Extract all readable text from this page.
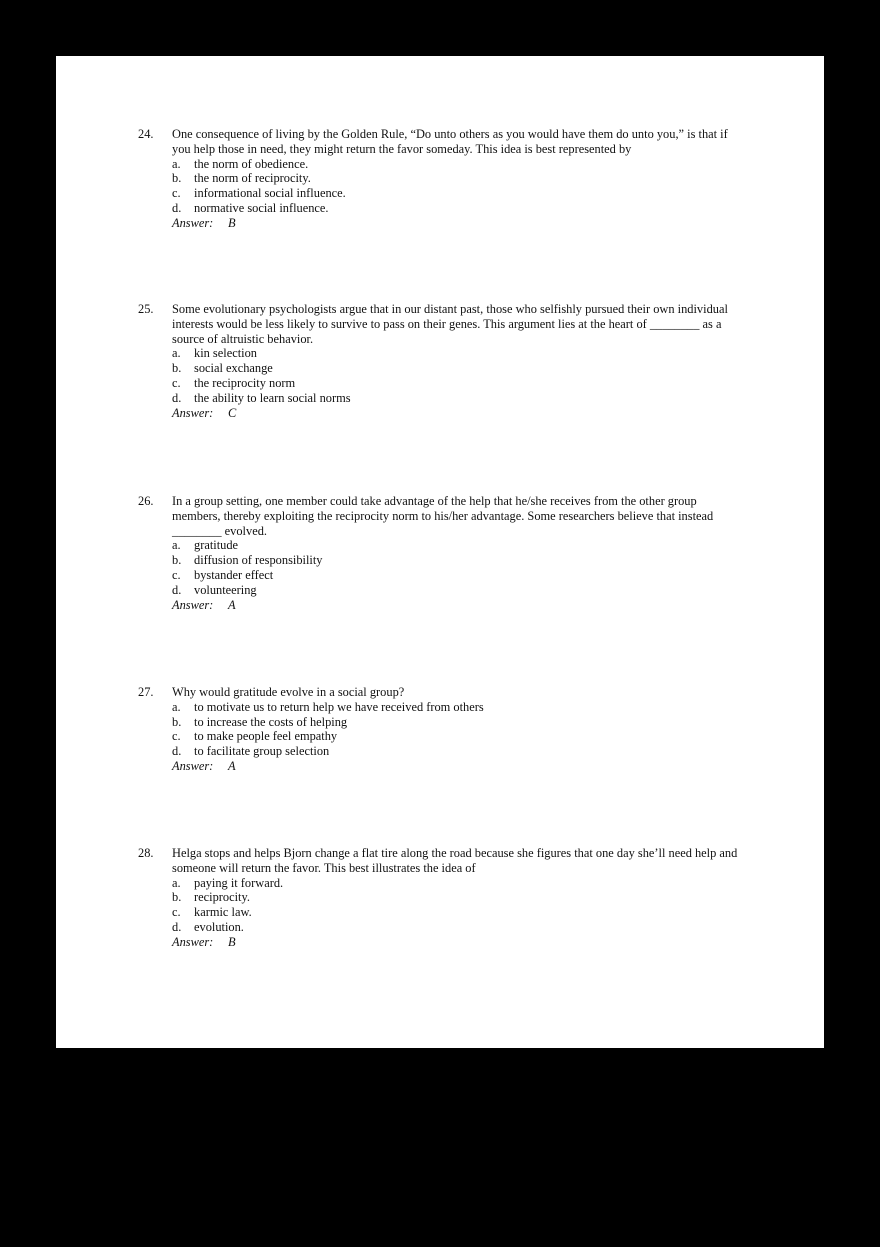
24. One consequence of living by the Golden Rule, “Do unto others as you would have them do unto you,” is that if
you help those in need, they might return the favor someday. This idea is best represented by
a. the norm of obedience.
b. the norm of reciprocity.
c. informational social influence.
d. normative social influence.
Answer: B
25. Some evolutionary psychologists argue that in our distant past, those who selfishly pursued their own individual
interests would be less likely to survive to pass on their genes. This argument lies at the heart of ________ as a
source of altruistic behavior.
a. kin selection
b. social exchange
c. the reciprocity norm
d. the ability to learn social norms
Answer: C
26. In a group setting, one member could take advantage of the help that he/she receives from the other group
members, thereby exploiting the reciprocity norm to his/her advantage. Some researchers believe that instead
________ evolved.
a. gratitude
b. diffusion of responsibility
c. bystander effect
d. volunteering
Answer: A
27. Why would gratitude evolve in a social group?
a. to motivate us to return help we have received from others
b. to increase the costs of helping
c. to make people feel empathy
d. to facilitate group selection
Answer: A
28. Helga stops and helps Bjorn change a flat tire along the road because she figures that one day she’ll need help and
someone will return the favor. This best illustrates the idea of
a. paying it forward.
b. reciprocity.
c. karmic law.
d. evolution.
Answer: B
